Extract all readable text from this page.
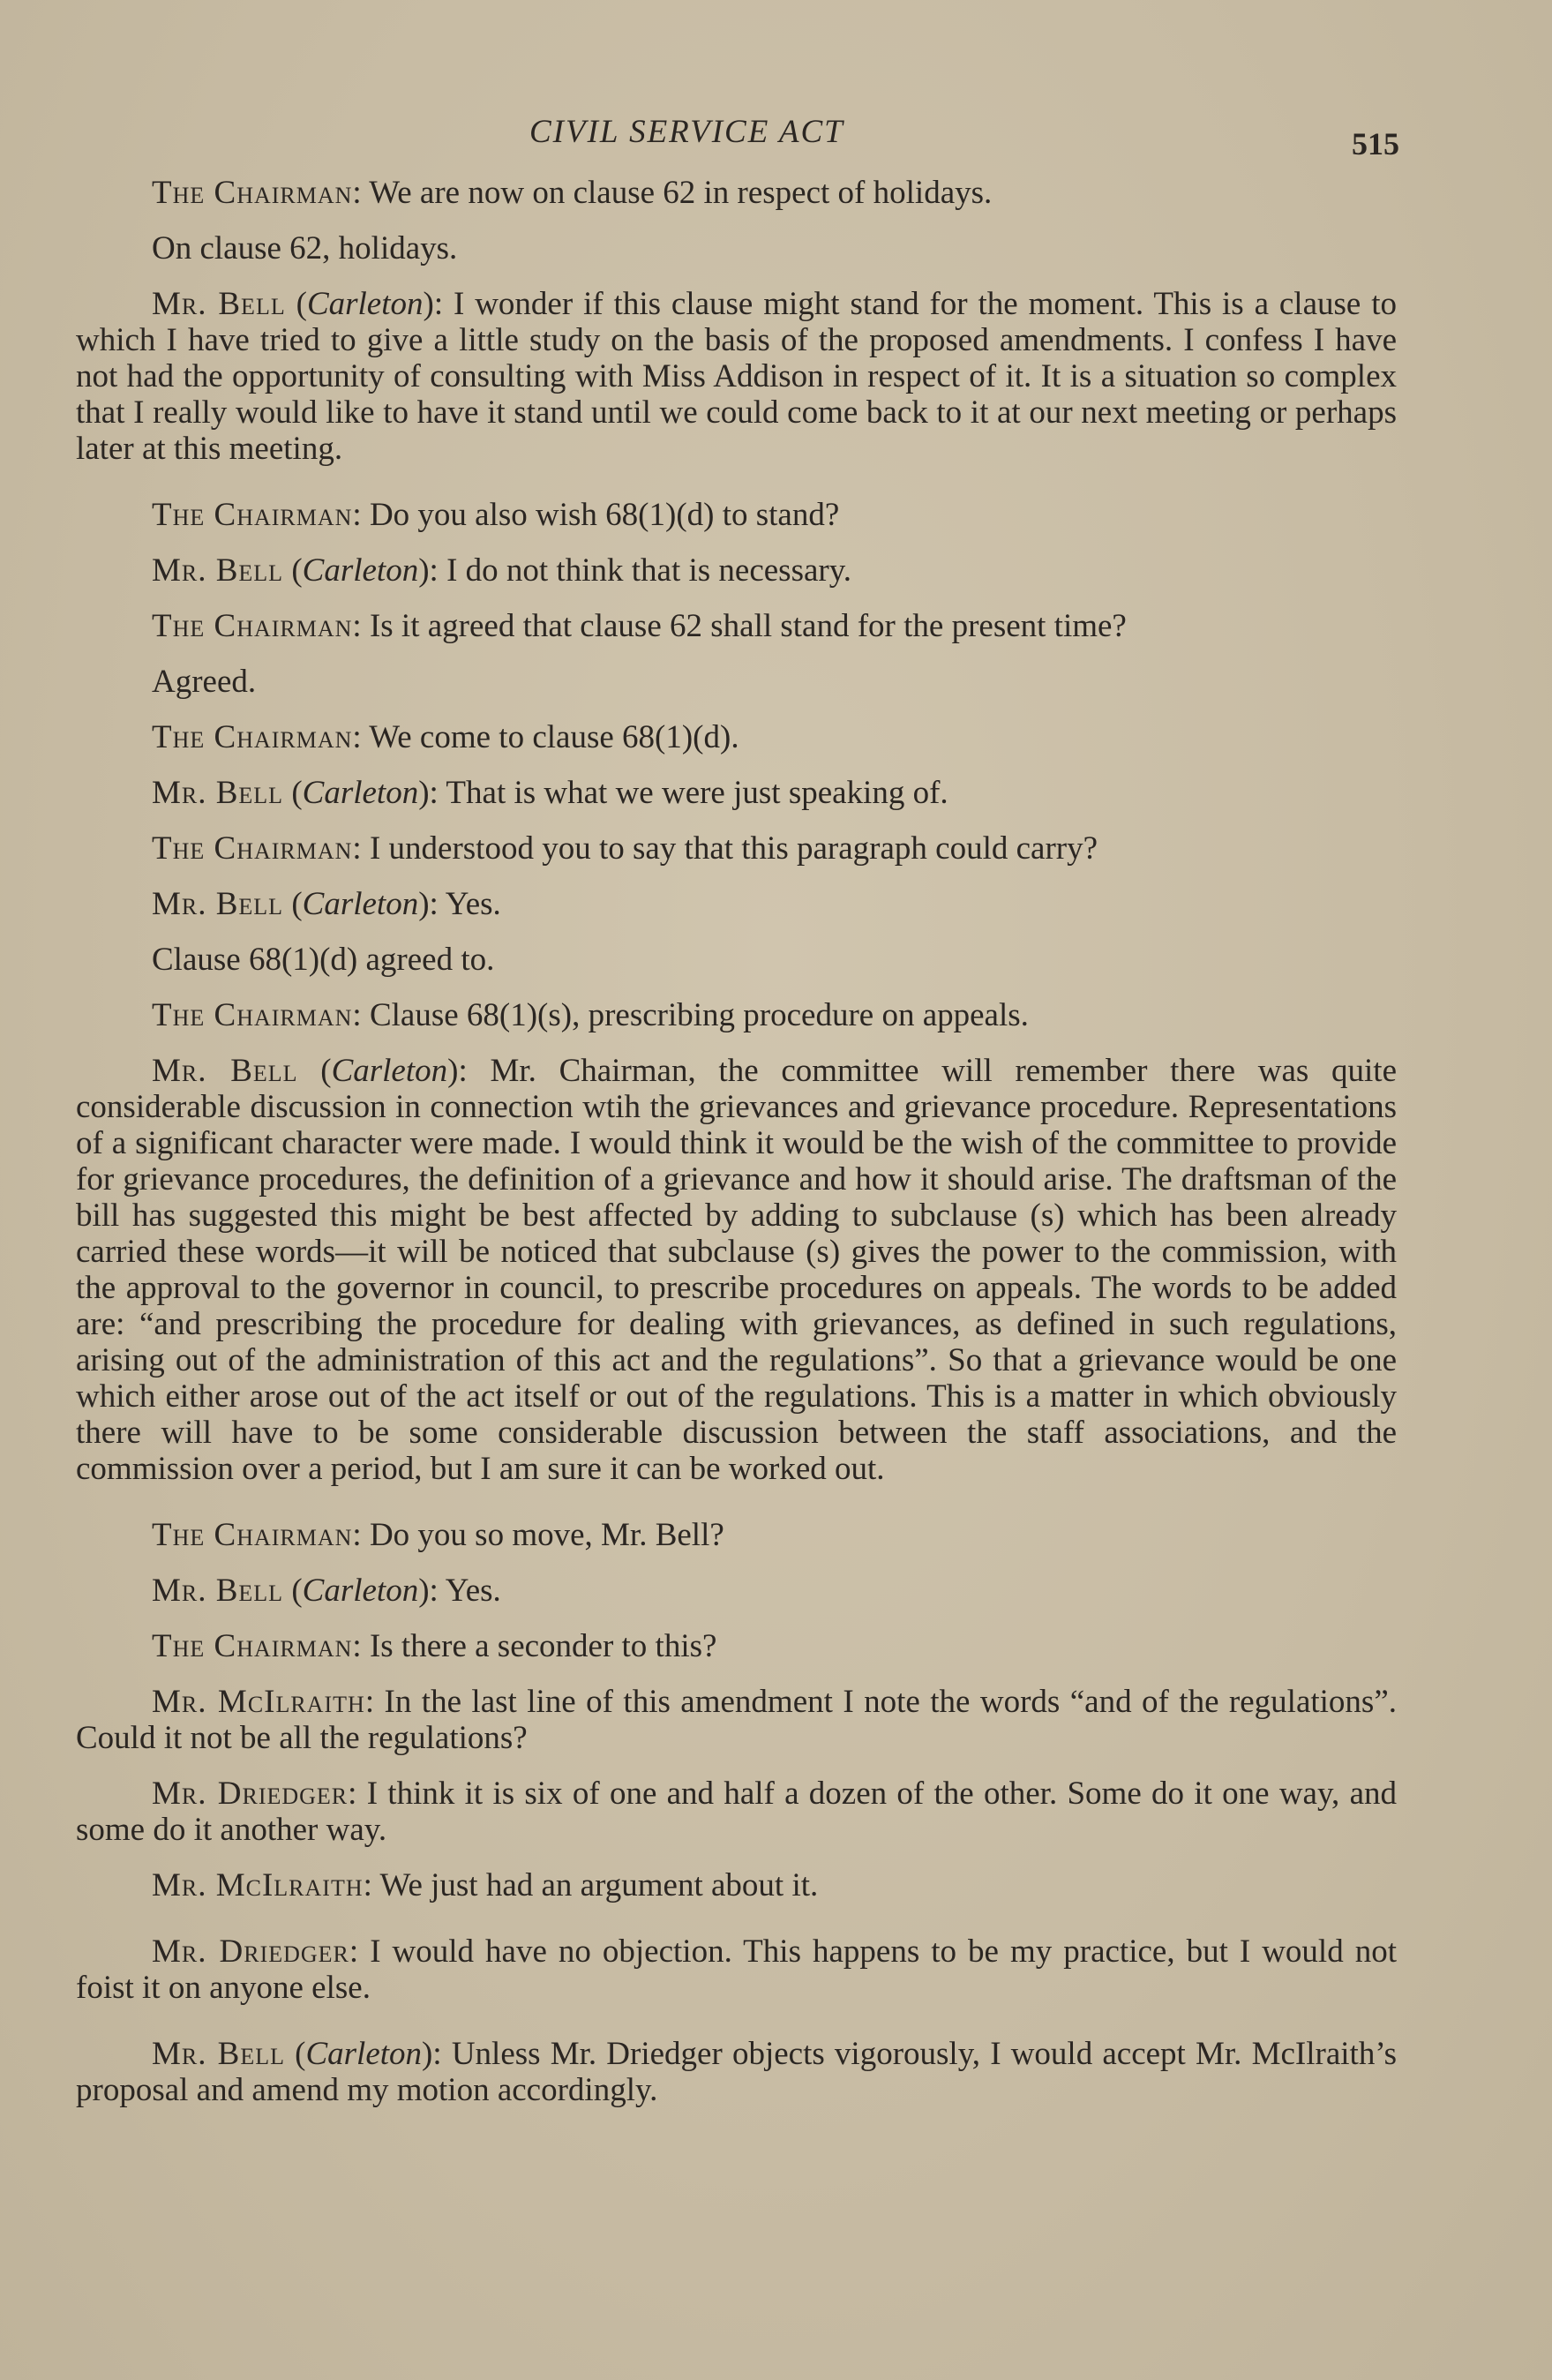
CIVIL SERVICE ACT	515

The Chairman: We are now on clause 62 in respect of holidays.

On clause 62, holidays.

Mr. Bell (Carleton): I wonder if this clause might stand for the moment. This is a clause to which I have tried to give a little study on the basis of the proposed amendments. I confess I have not had the opportunity of consulting with Miss Addison in respect of it. It is a situation so complex that I really would like to have it stand until we could come back to it at our next meeting or perhaps later at this meeting.

The Chairman: Do you also wish 68(1)(d) to stand?

Mr. Bell (Carleton): I do not think that is necessary.

The Chairman: Is it agreed that clause 62 shall stand for the present time?

Agreed.

The Chairman: We come to clause 68(1)(d).

Mr. Bell (Carleton): That is what we were just speaking of.

The Chairman: I understood you to say that this paragraph could carry?

Mr. Bell (Carleton): Yes.

Clause 68(1)(d) agreed to.

The Chairman: Clause 68(1)(s), prescribing procedure on appeals.

Mr. Bell (Carleton): Mr. Chairman, the committee will remember there was quite considerable discussion in connection wtih the grievances and grievance procedure. Representations of a significant character were made. I would think it would be the wish of the committee to provide for grievance procedures, the definition of a grievance and how it should arise. The draftsman of the bill has suggested this might be best affected by adding to subclause (s) which has been already carried these words—it will be noticed that subclause (s) gives the power to the commission, with the approval to the governor in council, to prescribe procedures on appeals. The words to be added are: “and prescribing the procedure for dealing with grievances, as defined in such regulations, arising out of the administration of this act and the regulations”. So that a grievance would be one which either arose out of the act itself or out of the regulations. This is a matter in which obviously there will have to be some considerable discussion between the staff associations, and the commission over a period, but I am sure it can be worked out.

The Chairman: Do you so move, Mr. Bell?

Mr. Bell (Carleton): Yes.

The Chairman: Is there a seconder to this?

Mr. McIlraith: In the last line of this amendment I note the words “and of the regulations”. Could it not be all the regulations?

Mr. Driedger: I think it is six of one and half a dozen of the other. Some do it one way, and some do it another way.

Mr. McIlraith: We just had an argument about it.

Mr. Driedger: I would have no objection. This happens to be my practice, but I would not foist it on anyone else.

Mr. Bell (Carleton): Unless Mr. Driedger objects vigorously, I would accept Mr. McIlraith’s proposal and amend my motion accordingly.
